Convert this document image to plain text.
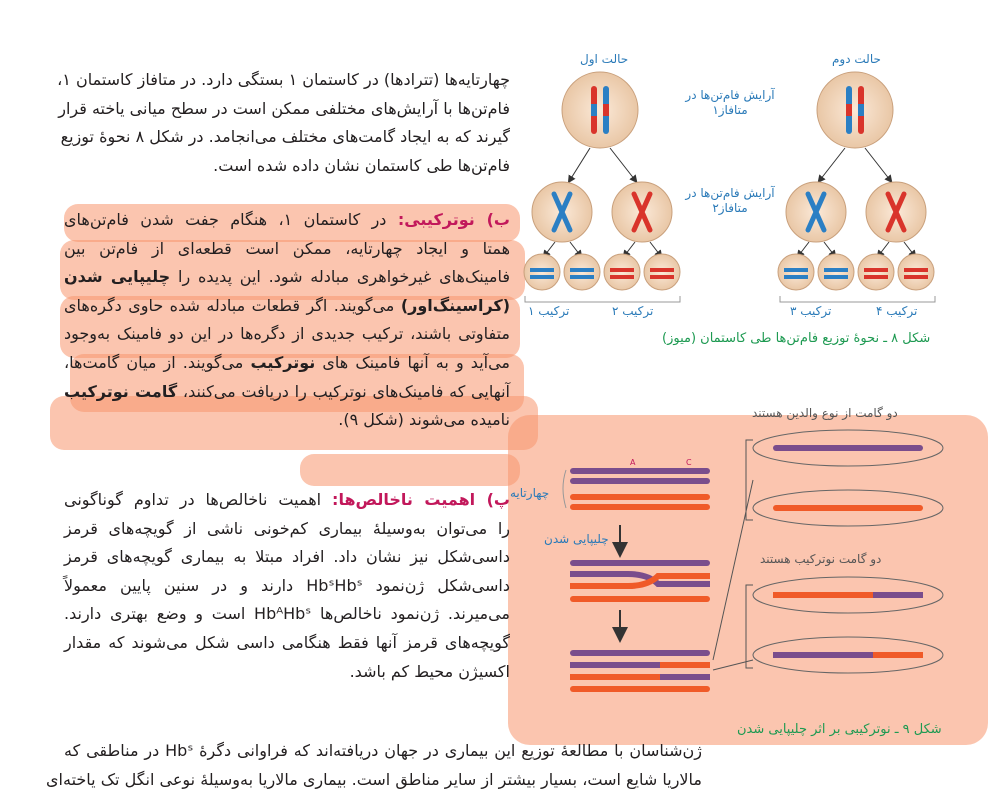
چهارتایه‌ها (تترادها) در کاستمان ۱ بستگی دارد. در متافاز کاستمان ۱،
فام‌تن‌ها با آرایش‌های مختلفی ممکن است در سطح میانی یاخته قرار
گیرند که به ایجاد گامت‌های مختلف می‌انجامد. در شکل ۸ نحوهٔ توزیع
فام‌تن‌ها طی کاستمان نشان داده شده است.
ب) نوترکیبی: در کاستمان ۱، هنگام جفت شدن فام‌تن‌های
همتا و ایجاد چهارتایه، ممکن است قطعه‌ای از فام‌تن بین
فامینک‌های غیرخواهری مبادله شود. این پدیده را چلیپایی شدن
(کراسینگ‌اور) می‌گویند. اگر قطعات مبادله شده حاوی دگره‌های
متفاوتی باشند، ترکیب جدیدی از دگره‌ها در این دو فامینک به‌وجود
می‌آید و به آنها فامینک های نوترکیب می‌گویند. از میان گامت‌ها،
آنهایی که فامینک‌های نوترکیب را دریافت می‌کنند، گامت نوترکیب
نامیده می‌شوند (شکل ۹).
پ) اهمیت ناخالص‌ها: اهمیت ناخالص‌ها در تداوم گوناگونی
را می‌توان به‌وسیلهٔ بیماری کم‌خونی ناشی از گویچه‌های قرمز
داسی‌شکل نیز نشان داد. افراد مبتلا به بیماری گویچه‌های قرمز
داسی‌شکل ژن‌نمود HbˢHbˢ دارند و در سنین پایین معمولاً
می‌میرند. ژن‌نمود ناخالص‌ها HbᴬHbˢ است و وضع بهتری دارند.
گویچه‌های قرمز آنها فقط هنگامی داسی شکل می‌شوند که مقدار
اکسیژن محیط کم باشد.
ژن‌شناسان با مطالعهٔ توزیع این بیماری در جهان دریافته‌اند که فراوانی دگرهٔ Hbˢ در مناطقی که
مالاریا شایع است، بسیار بیشتر از سایر مناطق است. بیماری مالاریا به‌وسیلهٔ نوعی انگل تک یاخته‌ای
حالت اول	حالت دوم
آرایش فام‌تن‌ها در متافاز۱
آرایش فام‌تن‌ها در متافاز۲
ترکیب ۱	ترکیب ۲	ترکیب ۳	ترکیب ۴
شکل ۸ ـ نحوهٔ توزیع فام‌تن‌ها طی کاستمان (میوز)
A	C
چهارتایه
چلیپایی شدن
دو گامت از نوع والدین هستند
دو گامت نوترکیب هستند
شکل ۹ ـ نوترکیبی بر اثر چلیپایی شدن
